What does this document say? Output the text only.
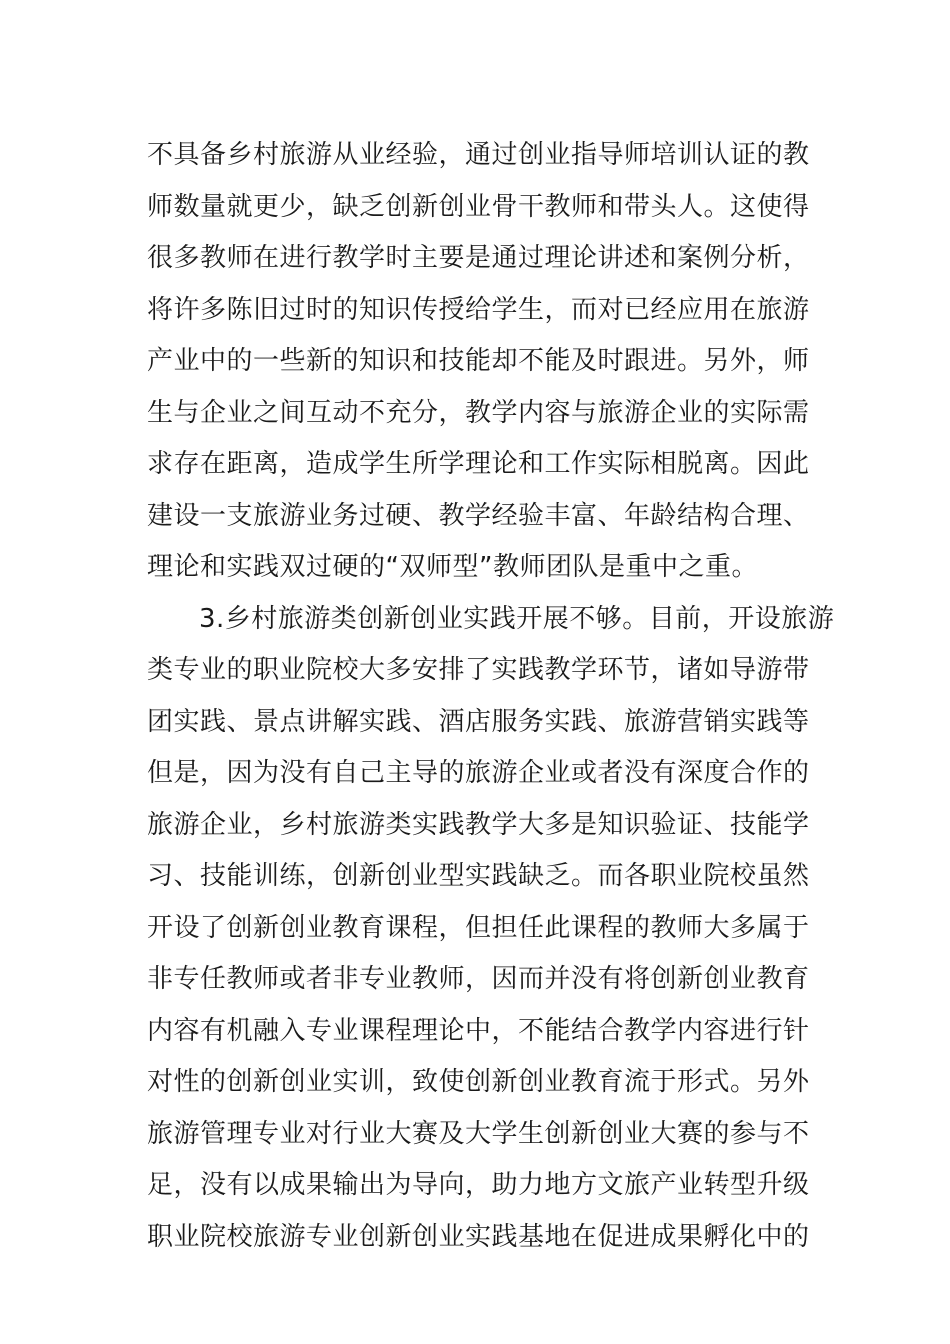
不具备乡村旅游从业经验，通过创业指导师培训认证的教
师数量就更少，缺乏创新创业骨干教师和带头人。这使得
很多教师在进行教学时主要是通过理论讲述和案例分析，
将许多陈旧过时的知识传授给学生，而对已经应用在旅游
产业中的一些新的知识和技能却不能及时跟进。另外，师
生与企业之间互动不充分，教学内容与旅游企业的实际需
求存在距离，造成学生所学理论和工作实际相脱离。因此
建设一支旅游业务过硬、教学经验丰富、年龄结构合理、
理论和实践双过硬的“双师型”教师团队是重中之重。
3.乡村旅游类创新创业实践开展不够。目前，开设旅游
类专业的职业院校大多安排了实践教学环节，诸如导游带
团实践、景点讲解实践、酒店服务实践、旅游营销实践等
但是，因为没有自己主导的旅游企业或者没有深度合作的
旅游企业，乡村旅游类实践教学大多是知识验证、技能学
习、技能训练，创新创业型实践缺乏。而各职业院校虽然
开设了创新创业教育课程，但担任此课程的教师大多属于
非专任教师或者非专业教师，因而并没有将创新创业教育
内容有机融入专业课程理论中，不能结合教学内容进行针
对性的创新创业实训，致使创新创业教育流于形式。另外
旅游管理专业对行业大赛及大学生创新创业大赛的参与不
足，没有以成果输出为导向，助力地方文旅产业转型升级
职业院校旅游专业创新创业实践基地在促进成果孵化中的
